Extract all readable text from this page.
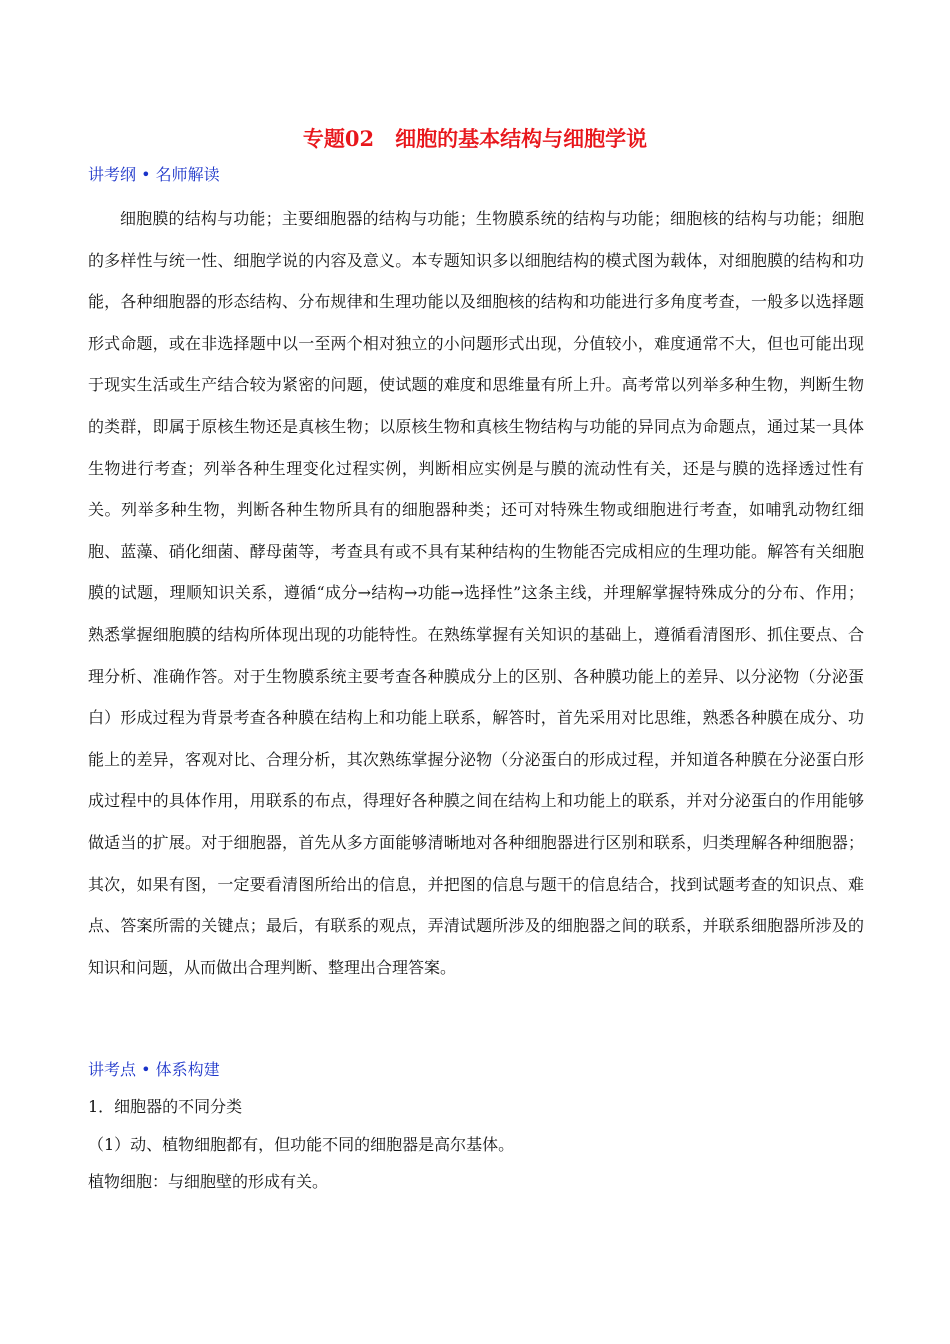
专题02　细胞的基本结构与细胞学说
讲考纲 • 名师解读

细胞膜的结构与功能；主要细胞器的结构与功能；生物膜系统的结构与功能；细胞核的结构与功能；细胞的多样性与统一性、细胞学说的内容及意义。本专题知识多以细胞结构的模式图为载体，对细胞膜的结构和功能，各种细胞器的形态结构、分布规律和生理功能以及细胞核的结构和功能进行多角度考查，一般多以选择题形式命题，或在非选择题中以一至两个相对独立的小问题形式出现，分值较小，难度通常不大，但也可能出现于现实生活或生产结合较为紧密的问题，使试题的难度和思维量有所上升。高考常以列举多种生物，判断生物的类群，即属于原核生物还是真核生物；以原核生物和真核生物结构与功能的异同点为命题点，通过某一具体生物进行考查；列举各种生理变化过程实例，判断相应实例是与膜的流动性有关，还是与膜的选择透过性有关。列举多种生物，判断各种生物所具有的细胞器种类；还可对特殊生物或细胞进行考查，如哺乳动物红细胞、蓝藻、硝化细菌、酵母菌等，考查具有或不具有某种结构的生物能否完成相应的生理功能。解答有关细胞膜的试题，理顺知识关系，遵循“成分→结构→功能→选择性”这条主线，并理解掌握特殊成分的分布、作用；熟悉掌握细胞膜的结构所体现出现的功能特性。在熟练掌握有关知识的基础上，遵循看清图形、抓住要点、合理分析、准确作答。对于生物膜系统主要考查各种膜成分上的区别、各种膜功能上的差异、以分泌物（分泌蛋白）形成过程为背景考查各种膜在结构上和功能上联系，解答时，首先采用对比思维，熟悉各种膜在成分、功能上的差异，客观对比、合理分析，其次熟练掌握分泌物（分泌蛋白的形成过程，并知道各种膜在分泌蛋白形成过程中的具体作用，用联系的布点，得理好各种膜之间在结构上和功能上的联系，并对分泌蛋白的作用能够做适当的扩展。对于细胞器，首先从多方面能够清晰地对各种细胞器进行区别和联系，归类理解各种细胞器；其次，如果有图，一定要看清图所给出的信息，并把图的信息与题干的信息结合，找到试题考查的知识点、难点、答案所需的关键点；最后，有联系的观点，弄清试题所涉及的细胞器之间的联系，并联系细胞器所涉及的知识和问题，从而做出合理判断、整理出合理答案。

讲考点 • 体系构建
1．细胞器的不同分类
（1）动、植物细胞都有，但功能不同的细胞器是高尔基体。
植物细胞：与细胞壁的形成有关。
